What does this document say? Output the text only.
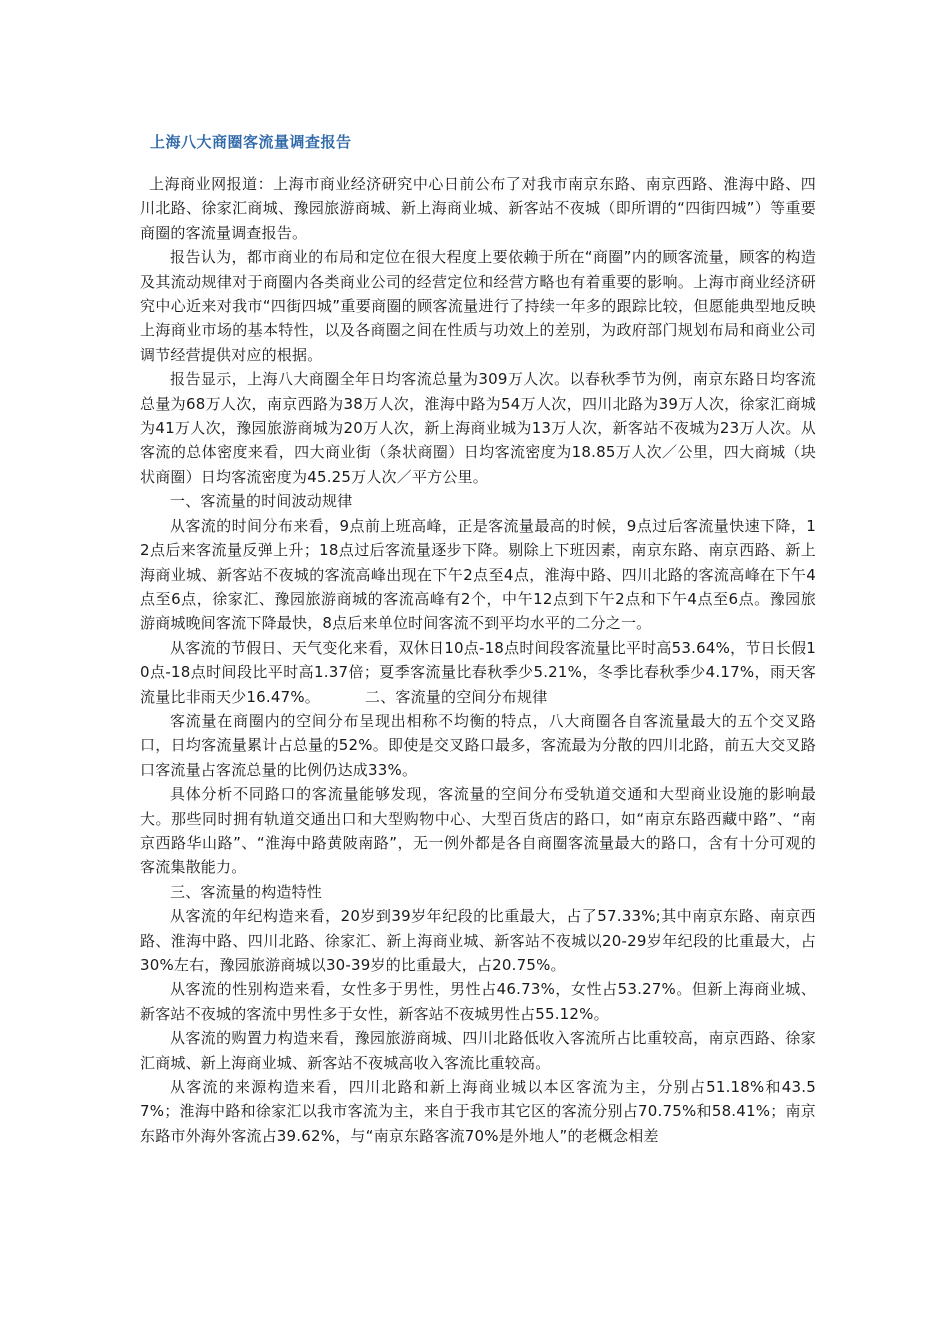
上海八大商圈客流量调查报告

上海商业网报道：上海市商业经济研究中心日前公布了对我市南京东路、南京西路、淮海中路、四川北路、徐家汇商城、豫园旅游商城、新上海商业城、新客站不夜城（即所谓的“四街四城”）等重要商圈的客流量调查报告。

报告认为，都市商业的布局和定位在很大程度上要依赖于所在“商圈”内的顾客流量，顾客的构造及其流动规律对于商圈内各类商业公司的经营定位和经营方略也有着重要的影响。上海市商业经济研究中心近来对我市“四街四城”重要商圈的顾客流量进行了持续一年多的跟踪比较，但愿能典型地反映上海商业市场的基本特性，以及各商圈之间在性质与功效上的差别，为政府部门规划布局和商业公司调节经营提供对应的根据。

报告显示，上海八大商圈全年日均客流总量为309万人次。以春秋季节为例，南京东路日均客流总量为68万人次，南京西路为38万人次，淮海中路为54万人次，四川北路为39万人次，徐家汇商城为41万人次，豫园旅游商城为20万人次，新上海商业城为13万人次，新客站不夜城为23万人次。从客流的总体密度来看，四大商业街（条状商圈）日均客流密度为18.85万人次／公里，四大商城（块状商圈）日均客流密度为45.25万人次／平方公里。

一、客流量的时间波动规律

从客流的时间分布来看，9点前上班高峰，正是客流量最高的时候，9点过后客流量快速下降，12点后来客流量反弹上升；18点过后客流量逐步下降。剔除上下班因素，南京东路、南京西路、新上海商业城、新客站不夜城的客流高峰出现在下午2点至4点，淮海中路、四川北路的客流高峰在下午4点至6点，徐家汇、豫园旅游商城的客流高峰有2个，中午12点到下午2点和下午4点至6点。豫园旅游商城晚间客流下降最快，8点后来单位时间客流不到平均水平的二分之一。

从客流的节假日、天气变化来看，双休日10点-18点时间段客流量比平时高53.64%，节日长假10点-18点时间段比平时高1.37倍；夏季客流量比春秋季少5.21%，冬季比春秋季少4.17%，雨天客流量比非雨天少16.47%。	二、客流量的空间分布规律

客流量在商圈内的空间分布呈现出相称不均衡的特点，八大商圈各自客流量最大的五个交叉路口，日均客流量累计占总量的52%。即使是交叉路口最多，客流最为分散的四川北路，前五大交叉路口客流量占客流总量的比例仍达成33%。

具体分析不同路口的客流量能够发现，客流量的空间分布受轨道交通和大型商业设施的影响最大。那些同时拥有轨道交通出口和大型购物中心、大型百货店的路口，如“南京东路西藏中路”、“南京西路华山路”、“淮海中路黄陂南路”，无一例外都是各自商圈客流量最大的路口，含有十分可观的客流集散能力。

三、客流量的构造特性

从客流的年纪构造来看，20岁到39岁年纪段的比重最大，占了57.33%;其中南京东路、南京西路、淮海中路、四川北路、徐家汇、新上海商业城、新客站不夜城以20-29岁年纪段的比重最大，占30%左右，豫园旅游商城以30-39岁的比重最大，占20.75%。

从客流的性别构造来看，女性多于男性，男性占46.73%，女性占53.27%。但新上海商业城、新客站不夜城的客流中男性多于女性，新客站不夜城男性占55.12%。

从客流的购置力构造来看，豫园旅游商城、四川北路低收入客流所占比重较高，南京西路、徐家汇商城、新上海商业城、新客站不夜城高收入客流比重较高。

从客流的来源构造来看，四川北路和新上海商业城以本区客流为主，分别占51.18%和43.57%；淮海中路和徐家汇以我市客流为主，来自于我市其它区的客流分别占70.75%和58.41%；南京东路市外海外客流占39.62%，与“南京东路客流70%是外地人”的老概念相差
